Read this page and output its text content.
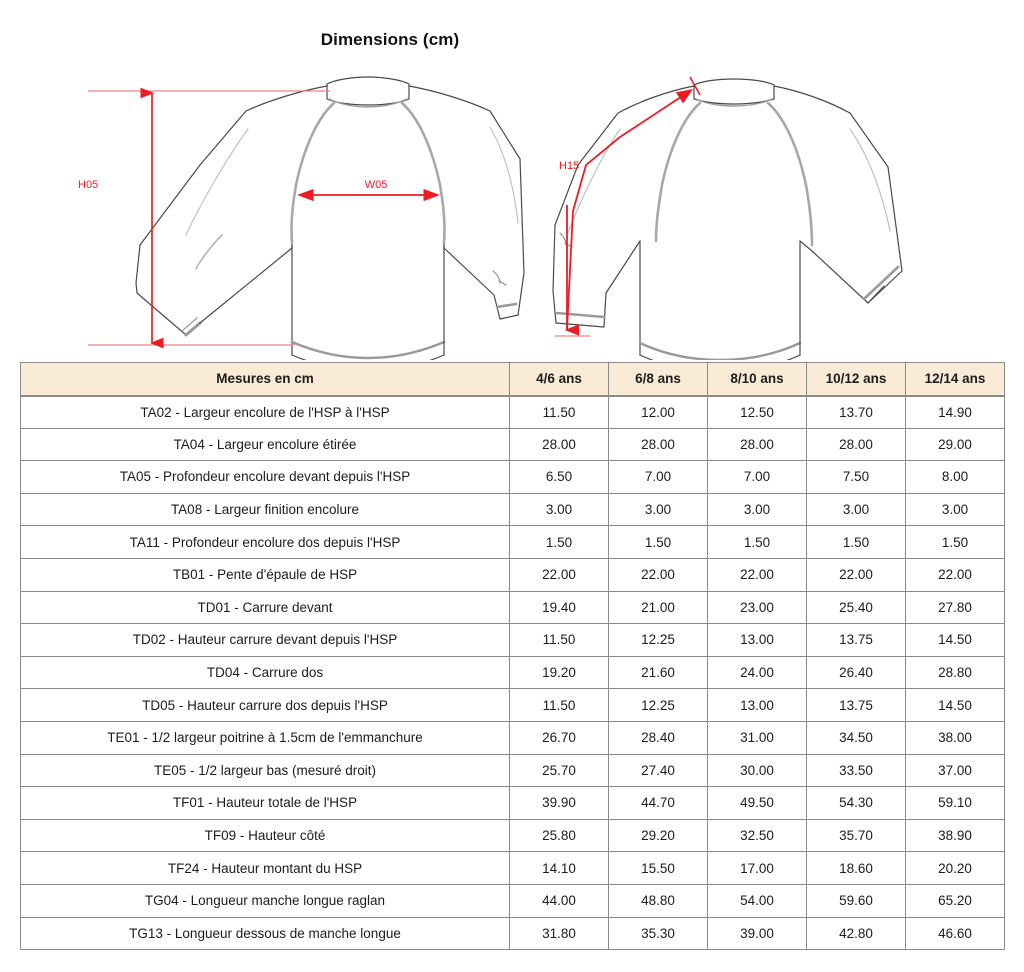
Dimensions (cm)
H05	W05
H15
Mesures en cm	4/6 ans	6/8 ans	8/10 ans	10/12 ans	12/14 ans
TA02 - Largeur encolure de l'HSP à l'HSP	11.50	12.00	12.50	13.70	14.90
TA04 - Largeur encolure étirée	28.00	28.00	28.00	28.00	29.00
TA05 - Profondeur encolure devant depuis l'HSP	6.50	7.00	7.00	7.50	8.00
TA08 - Largeur finition encolure	3.00	3.00	3.00	3.00	3.00
TA11 - Profondeur encolure dos depuis l'HSP	1.50	1.50	1.50	1.50	1.50
TB01 - Pente d'épaule de HSP	22.00	22.00	22.00	22.00	22.00
TD01 - Carrure devant	19.40	21.00	23.00	25.40	27.80
TD02 - Hauteur carrure devant depuis l'HSP	11.50	12.25	13.00	13.75	14.50
TD04 - Carrure dos	19.20	21.60	24.00	26.40	28.80
TD05 - Hauteur carrure dos depuis l'HSP	11.50	12.25	13.00	13.75	14.50
TE01 - 1/2 largeur poitrine à 1.5cm de l'emmanchure	26.70	28.40	31.00	34.50	38.00
TE05 - 1/2 largeur bas (mesuré droit)	25.70	27.40	30.00	33.50	37.00
TF01 - Hauteur totale de l'HSP	39.90	44.70	49.50	54.30	59.10
TF09 - Hauteur côté	25.80	29.20	32.50	35.70	38.90
TF24 - Hauteur montant du HSP	14.10	15.50	17.00	18.60	20.20
TG04 - Longueur manche longue raglan	44.00	48.80	54.00	59.60	65.20
TG13 - Longueur dessous de manche longue	31.80	35.30	39.00	42.80	46.60
